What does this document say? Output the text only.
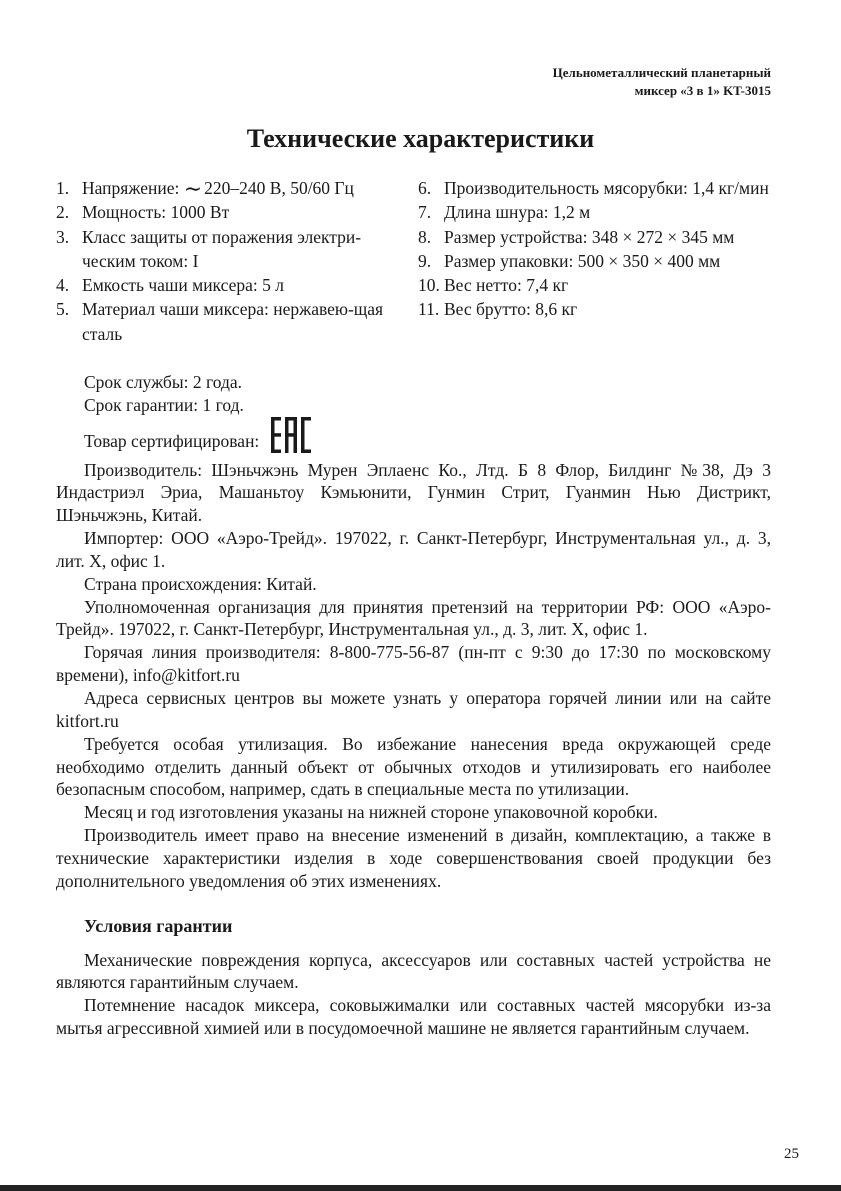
Цельнометаллический планетарный
миксер «3 в 1» KT-3015
Технические характеристики
1. Напряжение: ∼ 220–240 В, 50/60 Гц
2. Мощность: 1000 Вт
3. Класс защиты от поражения электри-ческим током: I
4. Емкость чаши миксера: 5 л
5. Материал чаши миксера: нержавею-щая сталь
6. Производительность мясорубки: 1,4 кг/мин
7. Длина шнура: 1,2 м
8. Размер устройства: 348 × 272 × 345 мм
9. Размер упаковки: 500 × 350 × 400 мм
10. Вес нетто: 7,4 кг
11. Вес брутто: 8,6 кг

Срок службы: 2 года.

Срок гарантии: 1 год.

Товар сертифицирован:

Производитель: Шэньчжэнь Мурен Эплаенс Ко., Лтд. Б 8 Флор, Билдинг №38, Дэ 3 Индастриэл Эриа, Машаньтоу Кэмьюнити, Гунмин Стрит, Гуанмин Нью Дистрикт, Шэньчжэнь, Китай.

Импортер: ООО «Аэро-Трейд». 197022, г. Санкт-Петербург, Инструментальная ул., д. 3, лит. Х, офис 1.

Страна происхождения: Китай.

Уполномоченная организация для принятия претензий на территории РФ: ООО «Аэро-Трейд». 197022, г. Санкт-Петербург, Инструментальная ул., д. 3, лит. Х, офис 1.

Горячая линия производителя: 8-800-775-56-87 (пн-пт с 9:30 до 17:30 по московскому времени), info@kitfort.ru

Адреса сервисных центров вы можете узнать у оператора горячей линии или на сайте kitfort.ru

Требуется особая утилизация. Во избежание нанесения вреда окружающей среде необходимо отделить данный объект от обычных отходов и утилизировать его наиболее безопасным способом, например, сдать в специальные места по утилизации.

Месяц и год изготовления указаны на нижней стороне упаковочной коробки.

Производитель имеет право на внесение изменений в дизайн, комплектацию, а также в технические характеристики изделия в ходе совершенствования своей продукции без дополнительного уведомления об этих изменениях.

Условия гарантии

Механические повреждения корпуса, аксессуаров или составных частей устройства не являются гарантийным случаем.

Потемнение насадок миксера, соковыжималки или составных частей мясорубки из-за мытья агрессивной химией или в посудомоечной машине не является гарантийным случаем.

25
